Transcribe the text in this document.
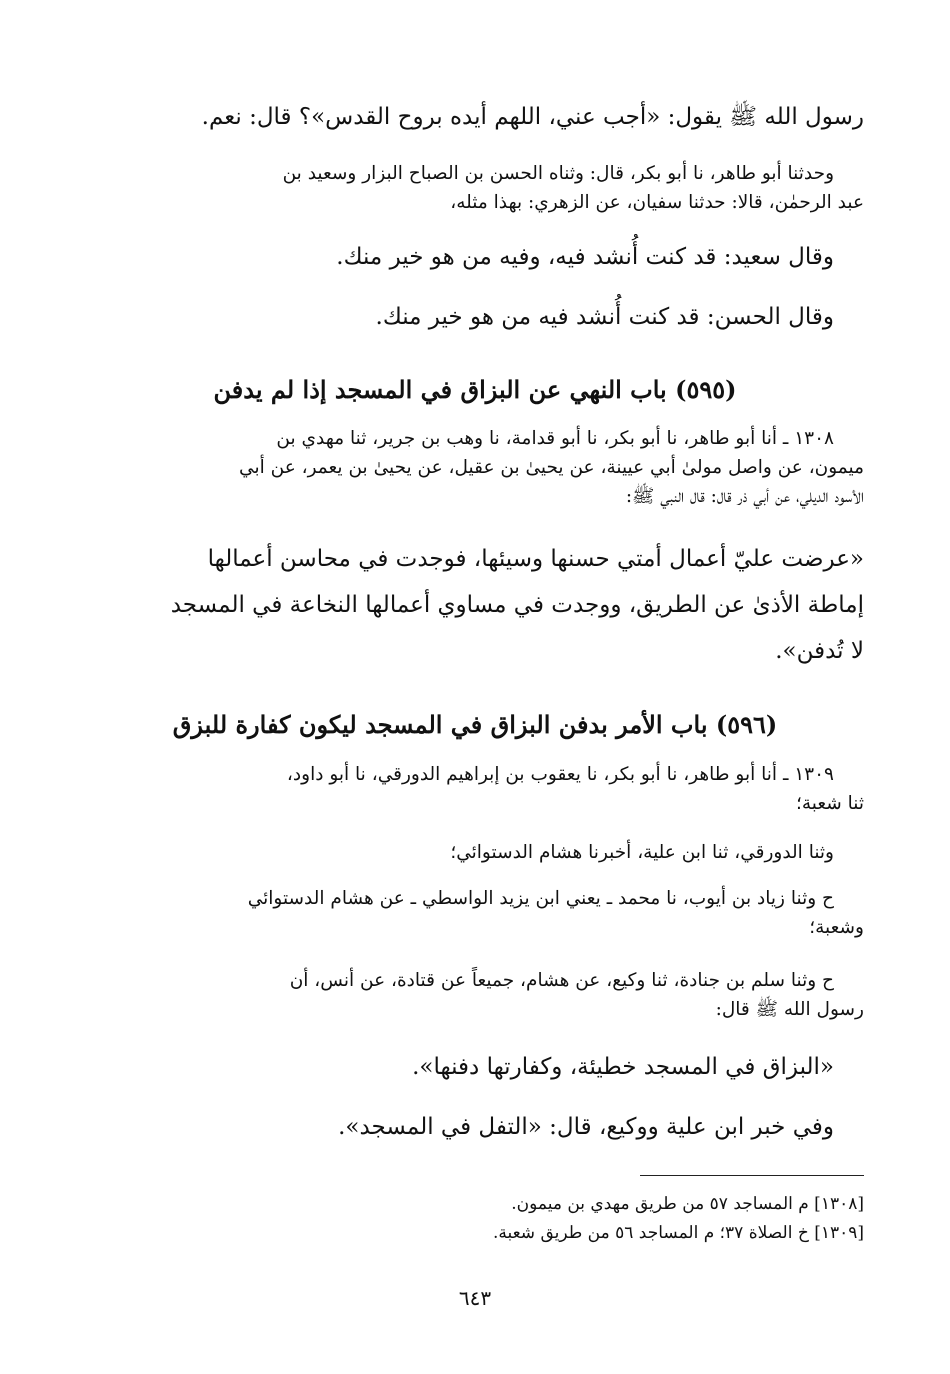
رسول الله ﷺ يقول: «أجب عني، اللهم أيده بروح القدس»؟ قال: نعم.
وحدثنا أبو طاهر، نا أبو بكر، قال: وثناه الحسن بن الصباح البزار وسعيد بن
عبد الرحمٰن، قالا: حدثنا سفيان، عن الزهري: بهذا مثله،
وقال سعيد: قد كنت أُنشد فيه، وفيه من هو خير منك.
وقال الحسن: قد كنت أُنشد فيه من هو خير منك.
(٥٩٥) باب النهي عن البزاق في المسجد إذا لم يدفن
١٣٠٨ ـ أنا أبو طاهر، نا أبو بكر، نا أبو قدامة، نا وهب بن جرير، ثنا مهدي بن
ميمون، عن واصل مولىٰ أبي عيينة، عن يحيىٰ بن عقيل، عن يحيىٰ بن يعمر، عن أبي
الأسود الديلي، عن أبي ذر قال: قال النبي ﷺ:
«عرضت عليّ أعمال أمتي حسنها وسيئها، فوجدت في محاسن أعمالها
إماطة الأذىٰ عن الطريق، ووجدت في مساوي أعمالها النخاعة في المسجد
لا تُدفن».
(٥٩٦) باب الأمر بدفن البزاق في المسجد ليكون كفارة للبزق
١٣٠٩ ـ أنا أبو طاهر، نا أبو بكر، نا يعقوب بن إبراهيم الدورقي، نا أبو داود،
ثنا شعبة؛
وثنا الدورقي، ثنا ابن علية، أخبرنا هشام الدستوائي؛
ح وثنا زياد بن أيوب، نا محمد ـ يعني ابن يزيد الواسطي ـ عن هشام الدستوائي
وشعبة؛
ح وثنا سلم بن جنادة، ثنا وكيع، عن هشام، جميعاً عن قتادة، عن أنس، أن
رسول الله ﷺ قال:
«البزاق في المسجد خطيئة، وكفارتها دفنها».
وفي خبر ابن علية ووكيع، قال: «التفل في المسجد».
[١٣٠٨] م المساجد ٥٧ من طريق مهدي بن ميمون.
[١٣٠٩] خ الصلاة ٣٧؛ م المساجد ٥٦ من طريق شعبة.
٦٤٣
